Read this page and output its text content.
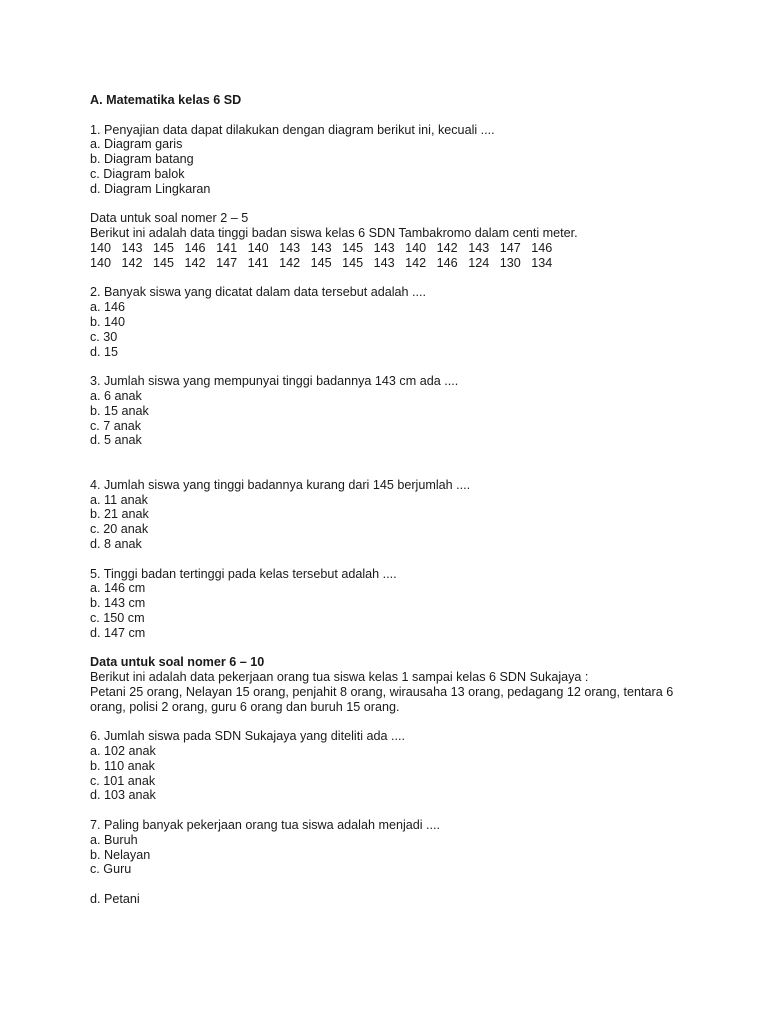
A. Matematika kelas 6 SD
1. Penyajian data dapat dilakukan dengan diagram berikut ini, kecuali ....
a. Diagram garis
b. Diagram batang
c. Diagram balok
d. Diagram Lingkaran
Data untuk soal nomer 2 – 5
Berikut ini adalah data tinggi badan siswa kelas 6 SDN Tambakromo dalam centi meter.
140 143 145 146 141 140 143 143 145 143 140 142 143 147 146
140 142 145 142 147 141 142 145 145 143 142 146 124 130 134
2. Banyak siswa yang dicatat dalam data tersebut adalah ....
a. 146
b. 140
c. 30
d. 15
3. Jumlah siswa yang mempunyai tinggi badannya 143 cm ada ....
a. 6 anak
b. 15 anak
c. 7 anak
d. 5 anak
4. Jumlah siswa yang tinggi badannya kurang dari 145 berjumlah ....
a. 11 anak
b. 21 anak
c. 20 anak
d. 8 anak
5. Tinggi badan tertinggi pada kelas tersebut adalah ....
a. 146 cm
b. 143 cm
c. 150 cm
d. 147 cm
Data untuk soal nomer 6 – 10
Berikut ini adalah data pekerjaan orang tua siswa kelas 1 sampai kelas 6 SDN Sukajaya :
Petani 25 orang, Nelayan 15 orang, penjahit 8 orang, wirausaha 13 orang, pedagang 12 orang, tentara 6 orang, polisi 2 orang, guru 6 orang dan buruh 15 orang.
6. Jumlah siswa pada SDN Sukajaya yang diteliti ada ....
a. 102 anak
b. 110 anak
c. 101 anak
d. 103 anak
7. Paling banyak pekerjaan orang tua siswa adalah menjadi ....
a. Buruh
b. Nelayan
c. Guru
d. Petani
